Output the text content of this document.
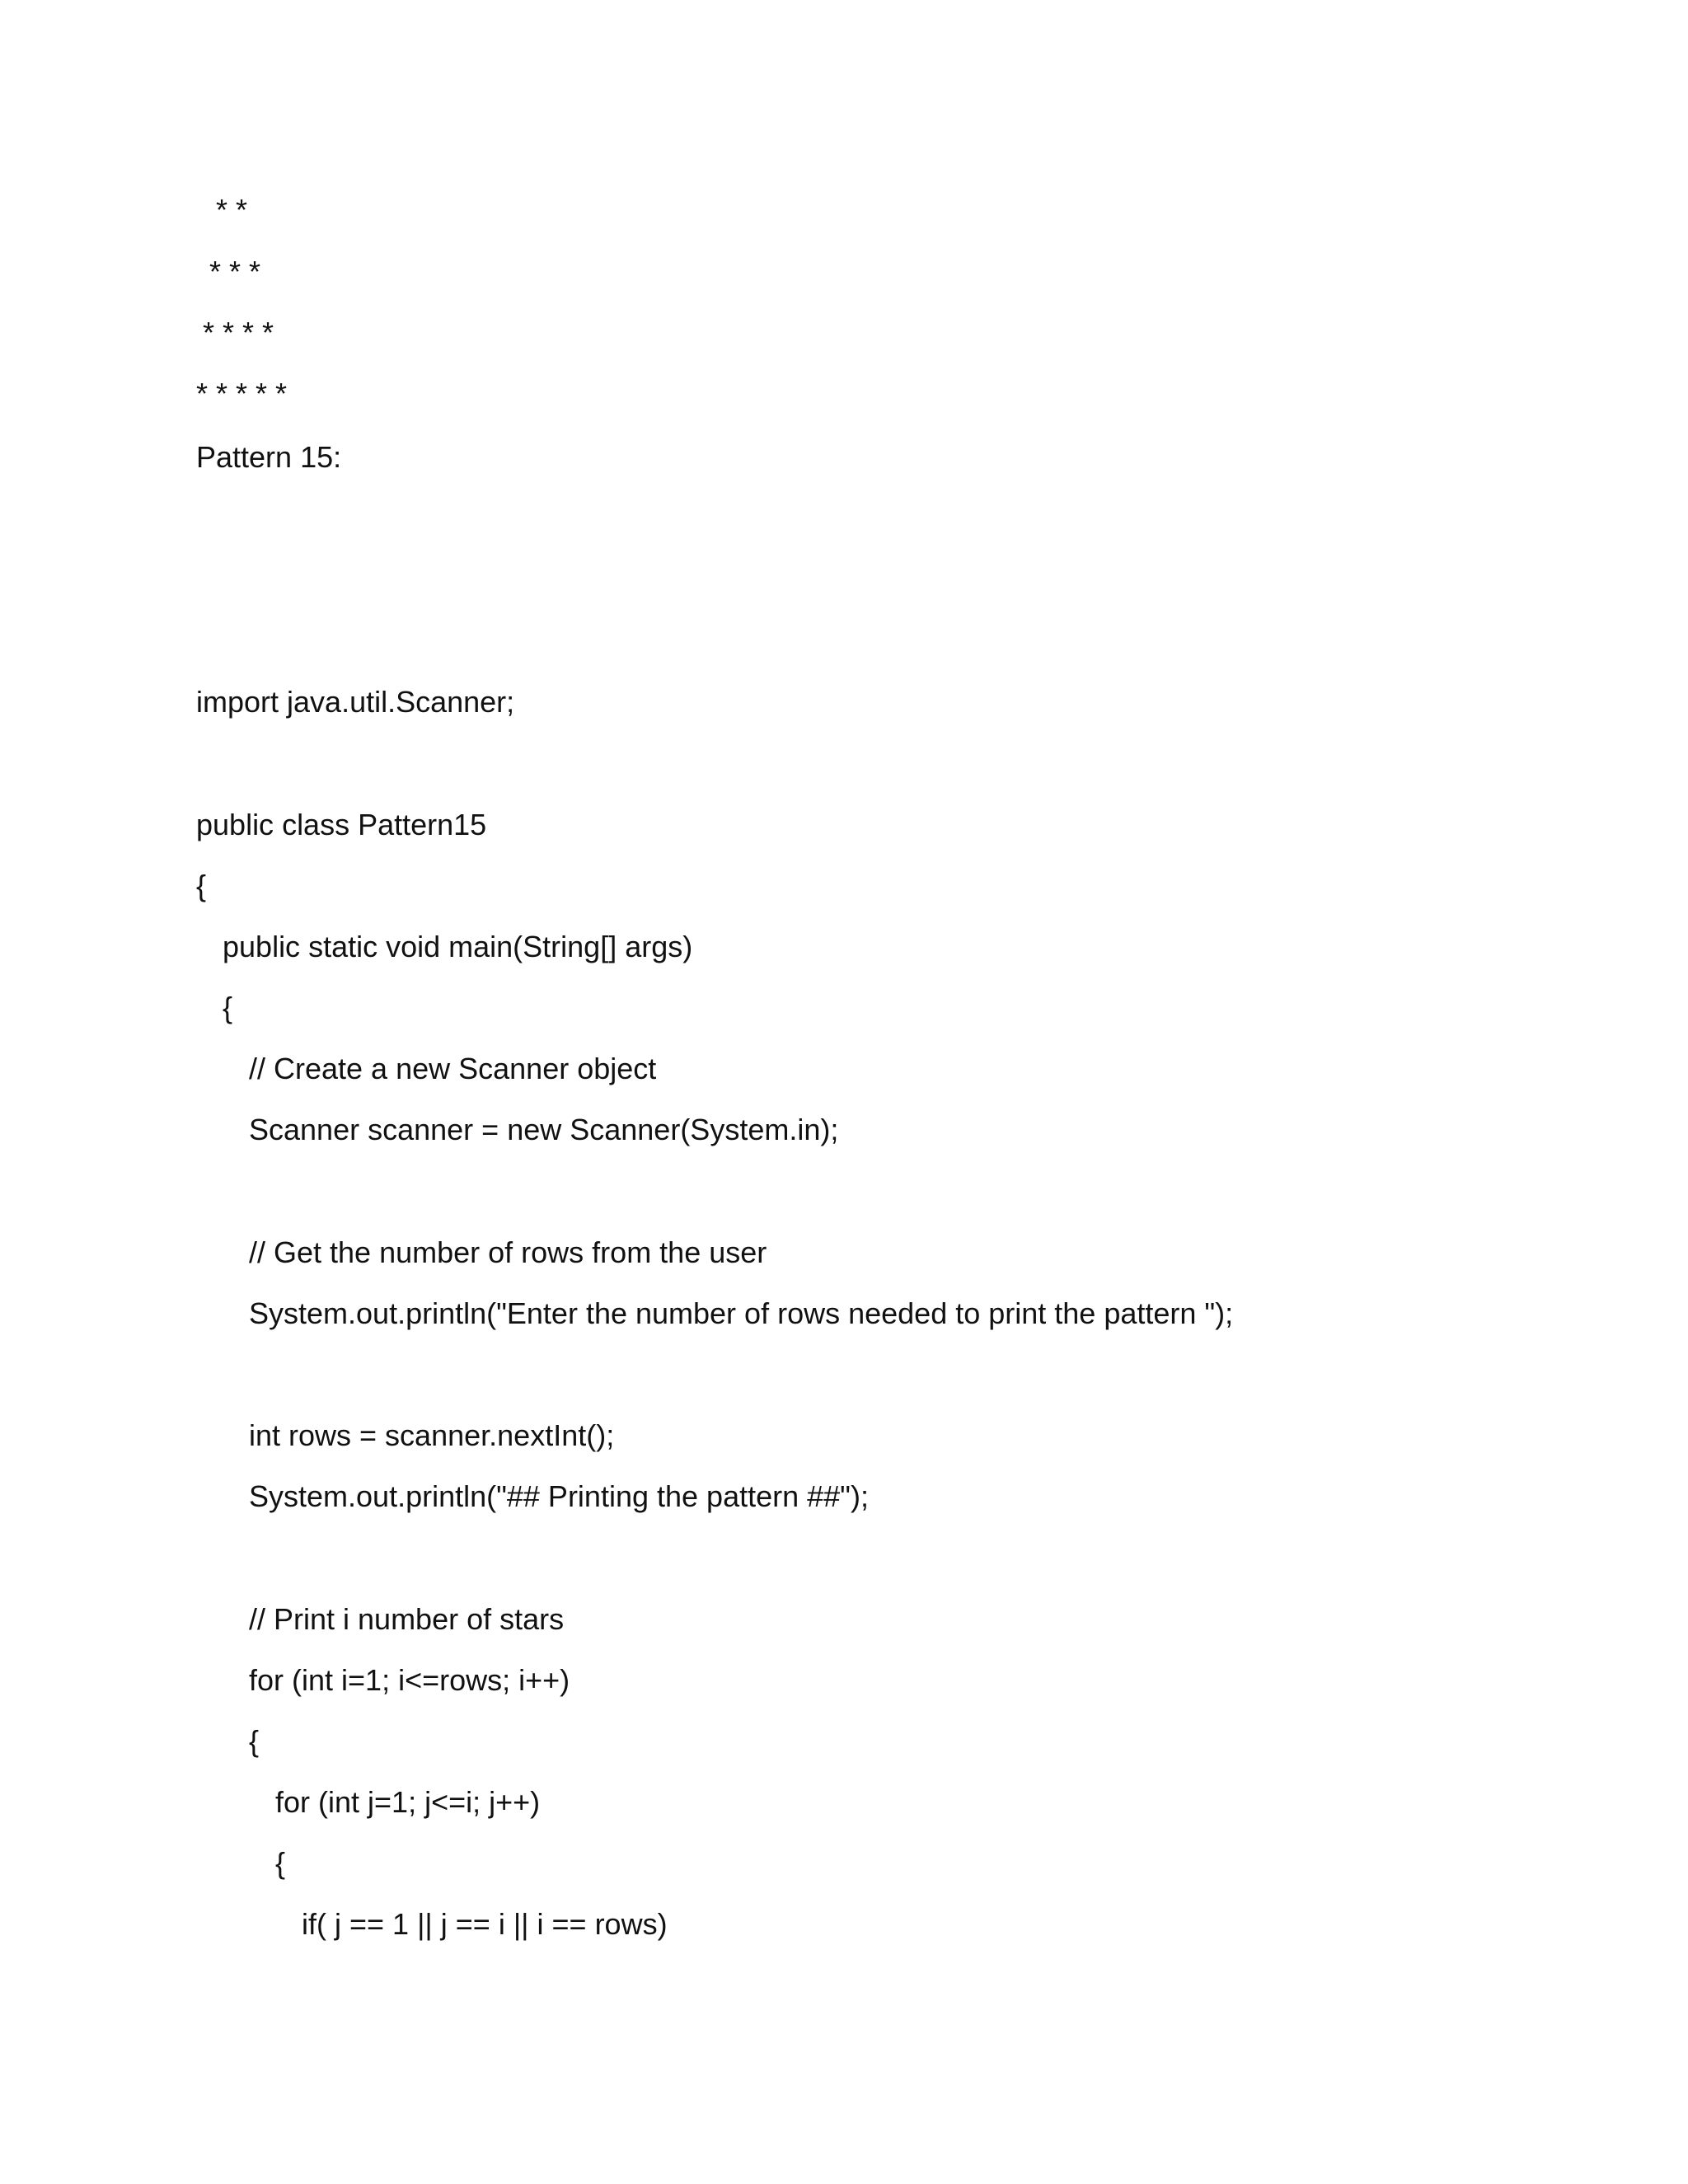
* *
* * *
* * * *
* * * * *
Pattern 15:
import java.util.Scanner;
public class Pattern15
{
public static void main(String[] args)
{
// Create a new Scanner object
Scanner scanner = new Scanner(System.in);
// Get the number of rows from the user
System.out.println("Enter the number of rows needed to print the pattern ");
int rows = scanner.nextInt();
System.out.println("## Printing the pattern ##");
// Print i number of stars
for (int i=1; i<=rows; i++)
{
for (int j=1; j<=i; j++)
{
if( j == 1 || j == i || i == rows)
